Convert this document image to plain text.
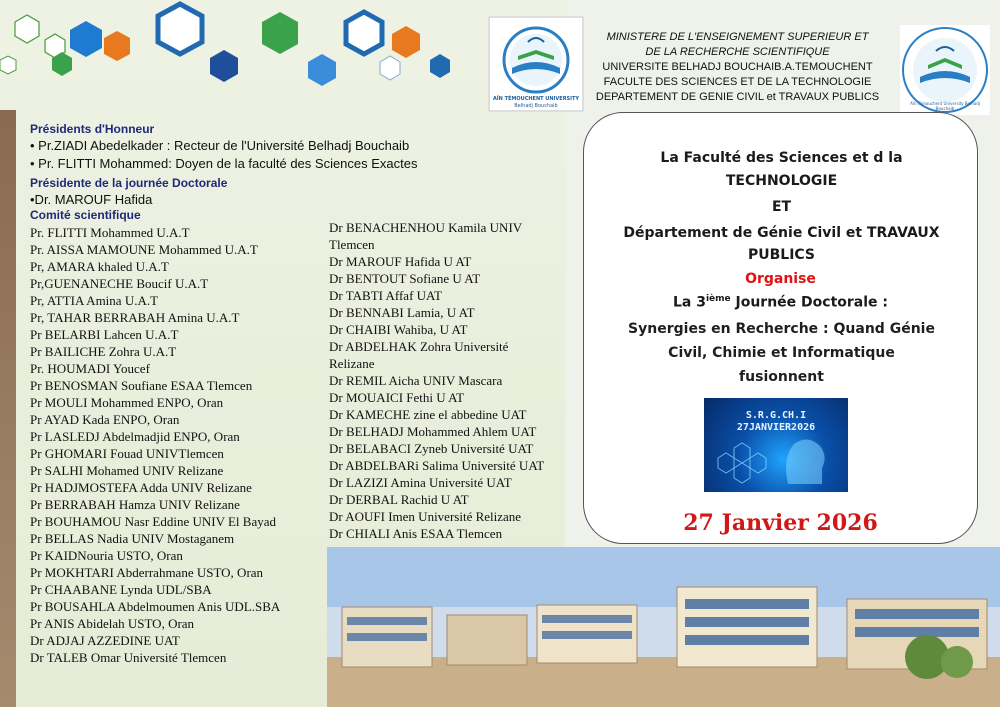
AÏN TÉMOUCHENT UNIVERSITY
Belhadj Bouchaib	Aïn Témouchent University Belhadj Bouchaib
MINISTERE DE L'ENSEIGNEMENT SUPERIEUR ET
DE LA RECHERCHE SCIENTIFIQUE
UNIVERSITE BELHADJ BOUCHAIB.A.TEMOUCHENT
FACULTE DES SCIENCES ET DE LA TECHNOLOGIE
DEPARTEMENT DE GENIE CIVIL et TRAVAUX PUBLICS
Présidents d'Honneur
• Pr.ZIADI Abedelkader : Recteur de l'Université Belhadj Bouchaib
• Pr. FLITTI Mohammed: Doyen de la faculté des Sciences Exactes
Présidente de la journée Doctorale
•Dr. MAROUF Hafida
Comité scientifique
Pr. FLITTI Mohammed U.A.T
Pr. AISSA MAMOUNE Mohammed U.A.T
Pr, AMARA khaled U.A.T
Pr,GUENANECHE Boucif U.A.T
Pr, ATTIA Amina U.A.T
Pr, TAHAR BERRABAH Amina U.A.T
Pr BELARBI Lahcen U.A.T
Pr BAILICHE Zohra U.A.T
Pr. HOUMADI Youcef
Pr BENOSMAN Soufiane ESAA Tlemcen
Pr MOULI Mohammed ENPO, Oran
Pr AYAD Kada ENPO, Oran
Pr LASLEDJ Abdelmadjid ENPO, Oran
Pr GHOMARI Fouad UNIVTlemcen
Pr SALHI Mohamed UNIV Relizane
Pr HADJMOSTEFA Adda UNIV Relizane
Pr BERRABAH Hamza UNIV Relizane
Pr BOUHAMOU Nasr Eddine UNIV El Bayad
Pr BELLAS Nadia UNIV Mostaganem
Pr KAIDNouria USTO, Oran
Pr MOKHTARI Abderrahmane USTO, Oran
Pr CHAABANE Lynda UDL/SBA
Pr BOUSAHLA Abdelmoumen Anis UDL.SBA
Pr ANIS Abidelah USTO, Oran
Dr ADJAJ AZZEDINE UAT
Dr TALEB Omar Université Tlemcen
Dr BENACHENHOU Kamila UNIV
Tlemcen
Dr MAROUF Hafida U AT
Dr BENTOUT Sofiane U AT
Dr TABTI Affaf UAT
Dr BENNABI Lamia, U AT
Dr CHAIBI Wahiba, U AT
Dr ABDELHAK Zohra Université
Relizane
Dr REMIL Aicha UNIV Mascara
Dr MOUAICI Fethi U AT
Dr KAMECHE zine el abbedine UAT
Dr BELHADJ Mohammed Ahlem UAT
Dr BELABACI Zyneb Université UAT
Dr ABDELBARi Salima Université UAT
Dr LAZIZI Amina Université UAT
Dr DERBAL Rachid U AT
Dr AOUFI Imen Université Relizane
Dr CHIALI Anis ESAA Tlemcen
La Faculté des Sciences et d la
TECHNOLOGIE
ET
Département de Génie Civil et TRAVAUX
PUBLICS
Organise
La 3ième Journée Doctorale :
Synergies en Recherche : Quand Génie
Civil, Chimie et Informatique
fusionnent
S.R.G.CH.I
27JANVIER2026
27 Janvier 2026
